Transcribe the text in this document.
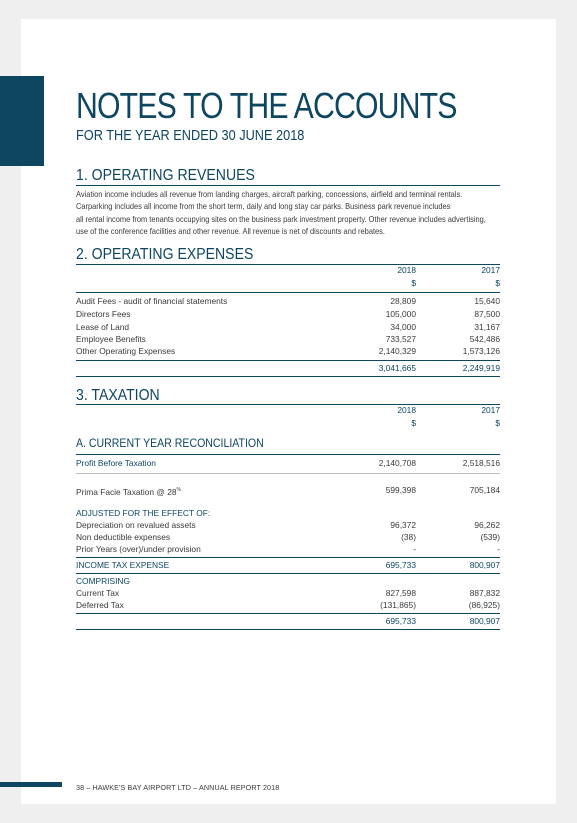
NOTES TO THE ACCOUNTS
FOR THE YEAR ENDED 30 JUNE 2018
1. OPERATING REVENUES
Aviation income includes all revenue from landing charges, aircraft parking, concessions, airfield and terminal rentals.
Carparking includes all income from the short term, daily and long stay car parks. Business park revenue includes
all rental income from tenants occupying sites on the business park investment property. Other revenue includes advertising,
use of the conference facilities and other revenue. All revenue is net of discounts and rebates.
2. OPERATING EXPENSES
2018	2017
$	$
Audit Fees - audit of financial statements	28,809	15,640
Directors Fees	105,000	87,500
Lease of Land	34,000	31,167
Employee Benefits	733,527	542,486
Other Operating Expenses	2,140,329	1,573,126
3,041,665	2,249,919
3. TAXATION
2018	2017
$	$
A. CURRENT YEAR RECONCILIATION
Profit Before Taxation	2,140,708	2,518,516
Prima Facie Taxation @ 28%	599,398	705,184
ADJUSTED FOR THE EFFECT OF:
Depreciation on revalued assets	96,372	96,262
Non deductible expenses	(38)	(539)
Prior Years (over)/under provision	-	-
INCOME TAX EXPENSE	695,733	800,907
COMPRISING
Current Tax	827,598	887,832
Deferred Tax	(131,865)	(86,925)
695,733	800,907
38 – HAWKE'S BAY AIRPORT LTD – ANNUAL REPORT 2018
